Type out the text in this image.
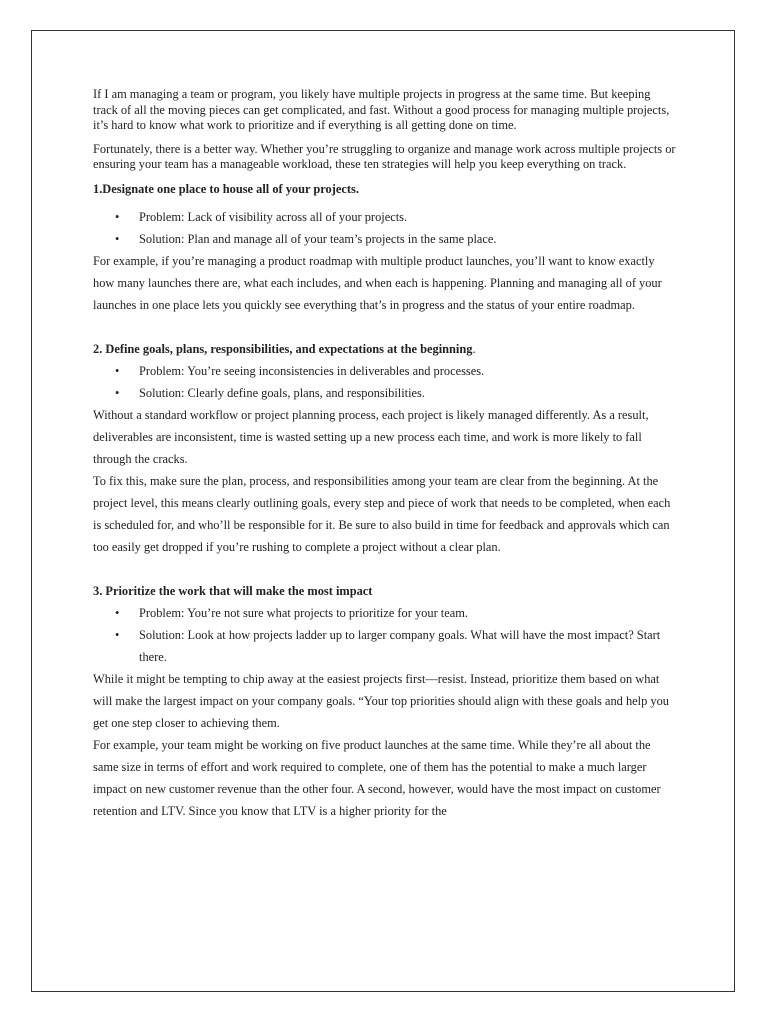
If I am managing a team or program, you likely have multiple projects in progress at the same time. But keeping track of all the moving pieces can get complicated, and fast. Without a good process for managing multiple projects, it’s hard to know what work to prioritize and if everything is all getting done on time.

Fortunately, there is a better way. Whether you’re struggling to organize and manage work across multiple projects or ensuring your team has a manageable workload, these ten strategies will help you keep everything on track.

1.Designate one place to house all of your projects.

• Problem: Lack of visibility across all of your projects.
• Solution: Plan and manage all of your team’s projects in the same place.

For example, if you’re managing a product roadmap with multiple product launches, you’ll want to know exactly how many launches there are, what each includes, and when each is happening. Planning and managing all of your launches in one place lets you quickly see everything that’s in progress and the status of your entire roadmap.

2. Define goals, plans, responsibilities, and expectations at the beginning.

• Problem: You’re seeing inconsistencies in deliverables and processes.
• Solution: Clearly define goals, plans, and responsibilities.

Without a standard workflow or project planning process, each project is likely managed differently. As a result, deliverables are inconsistent, time is wasted setting up a new process each time, and work is more likely to fall through the cracks.

To fix this, make sure the plan, process, and responsibilities among your team are clear from the beginning. At the project level, this means clearly outlining goals, every step and piece of work that needs to be completed, when each is scheduled for, and who’ll be responsible for it. Be sure to also build in time for feedback and approvals which can too easily get dropped if you’re rushing to complete a project without a clear plan.

3. Prioritize the work that will make the most impact

• Problem: You’re not sure what projects to prioritize for your team.
• Solution: Look at how projects ladder up to larger company goals. What will have the most impact? Start there.

While it might be tempting to chip away at the easiest projects first—resist. Instead, prioritize them based on what will make the largest impact on your company goals. “Your top priorities should align with these goals and help you get one step closer to achieving them.

For example, your team might be working on five product launches at the same time. While they’re all about the same size in terms of effort and work required to complete, one of them has the potential to make a much larger impact on new customer revenue than the other four. A second, however, would have the most impact on customer retention and LTV. Since you know that LTV is a higher priority for the
